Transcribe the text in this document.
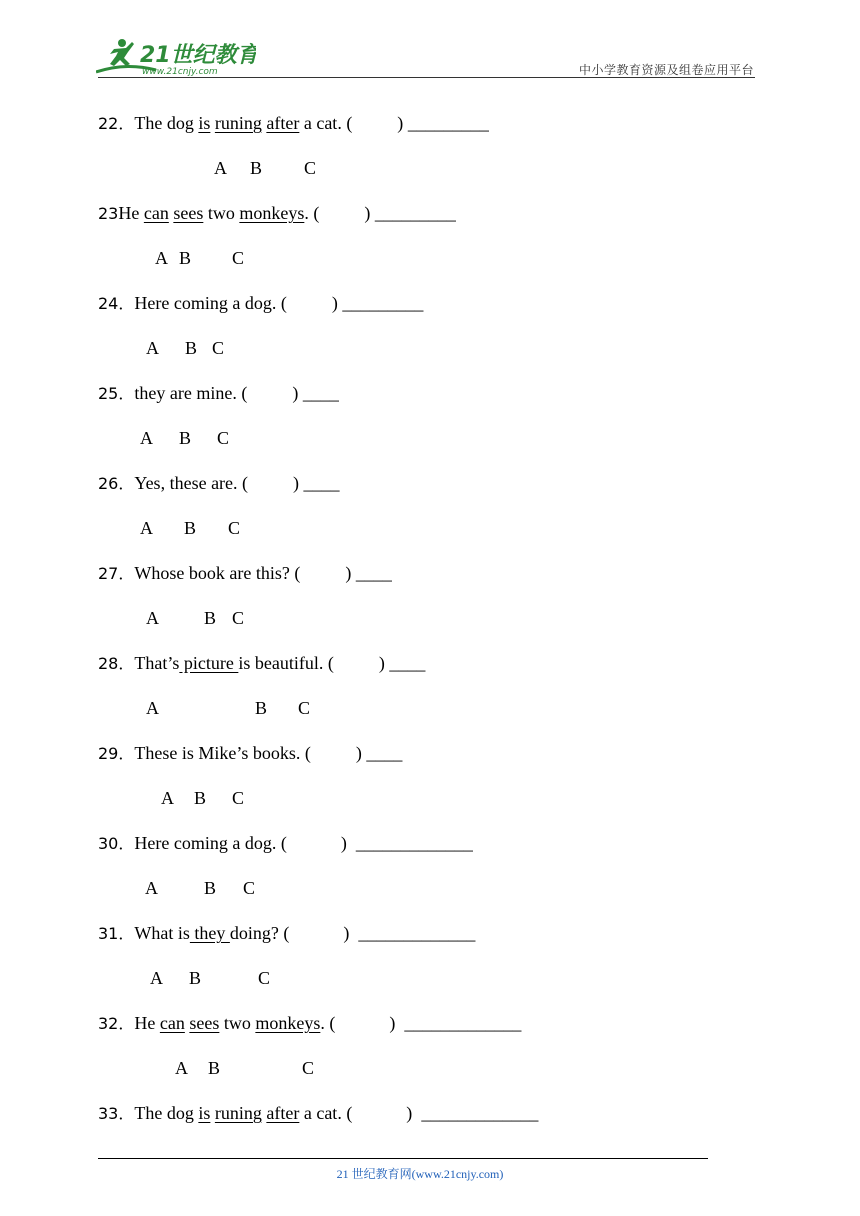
21世纪教育
www.21cnjy.com	中小学教育资源及组卷应用平台
22．The dog is runing after a cat. (          ) _________
A B C
23He can sees two monkeys. (          ) _________
A B C
24．Here coming a dog. (          ) _________
A B C
25．they are mine. (          ) ____
A B C
26．Yes, these are. (          ) ____
A B C
27．Whose book are this? (          ) ____
A	B C
28．That’s picture is beautiful. (          ) ____
A	B C
29．These is Mike’s books. (          ) ____
A B C
30．Here coming a dog. (            )  _____________
A	B C
31．What is they doing? (            )  _____________
A B	C
32．He can sees two monkeys. (            )  _____________
A B	C
33．The dog is runing after a cat. (            )  _____________
21 世纪教育网(www.21cnjy.com)
